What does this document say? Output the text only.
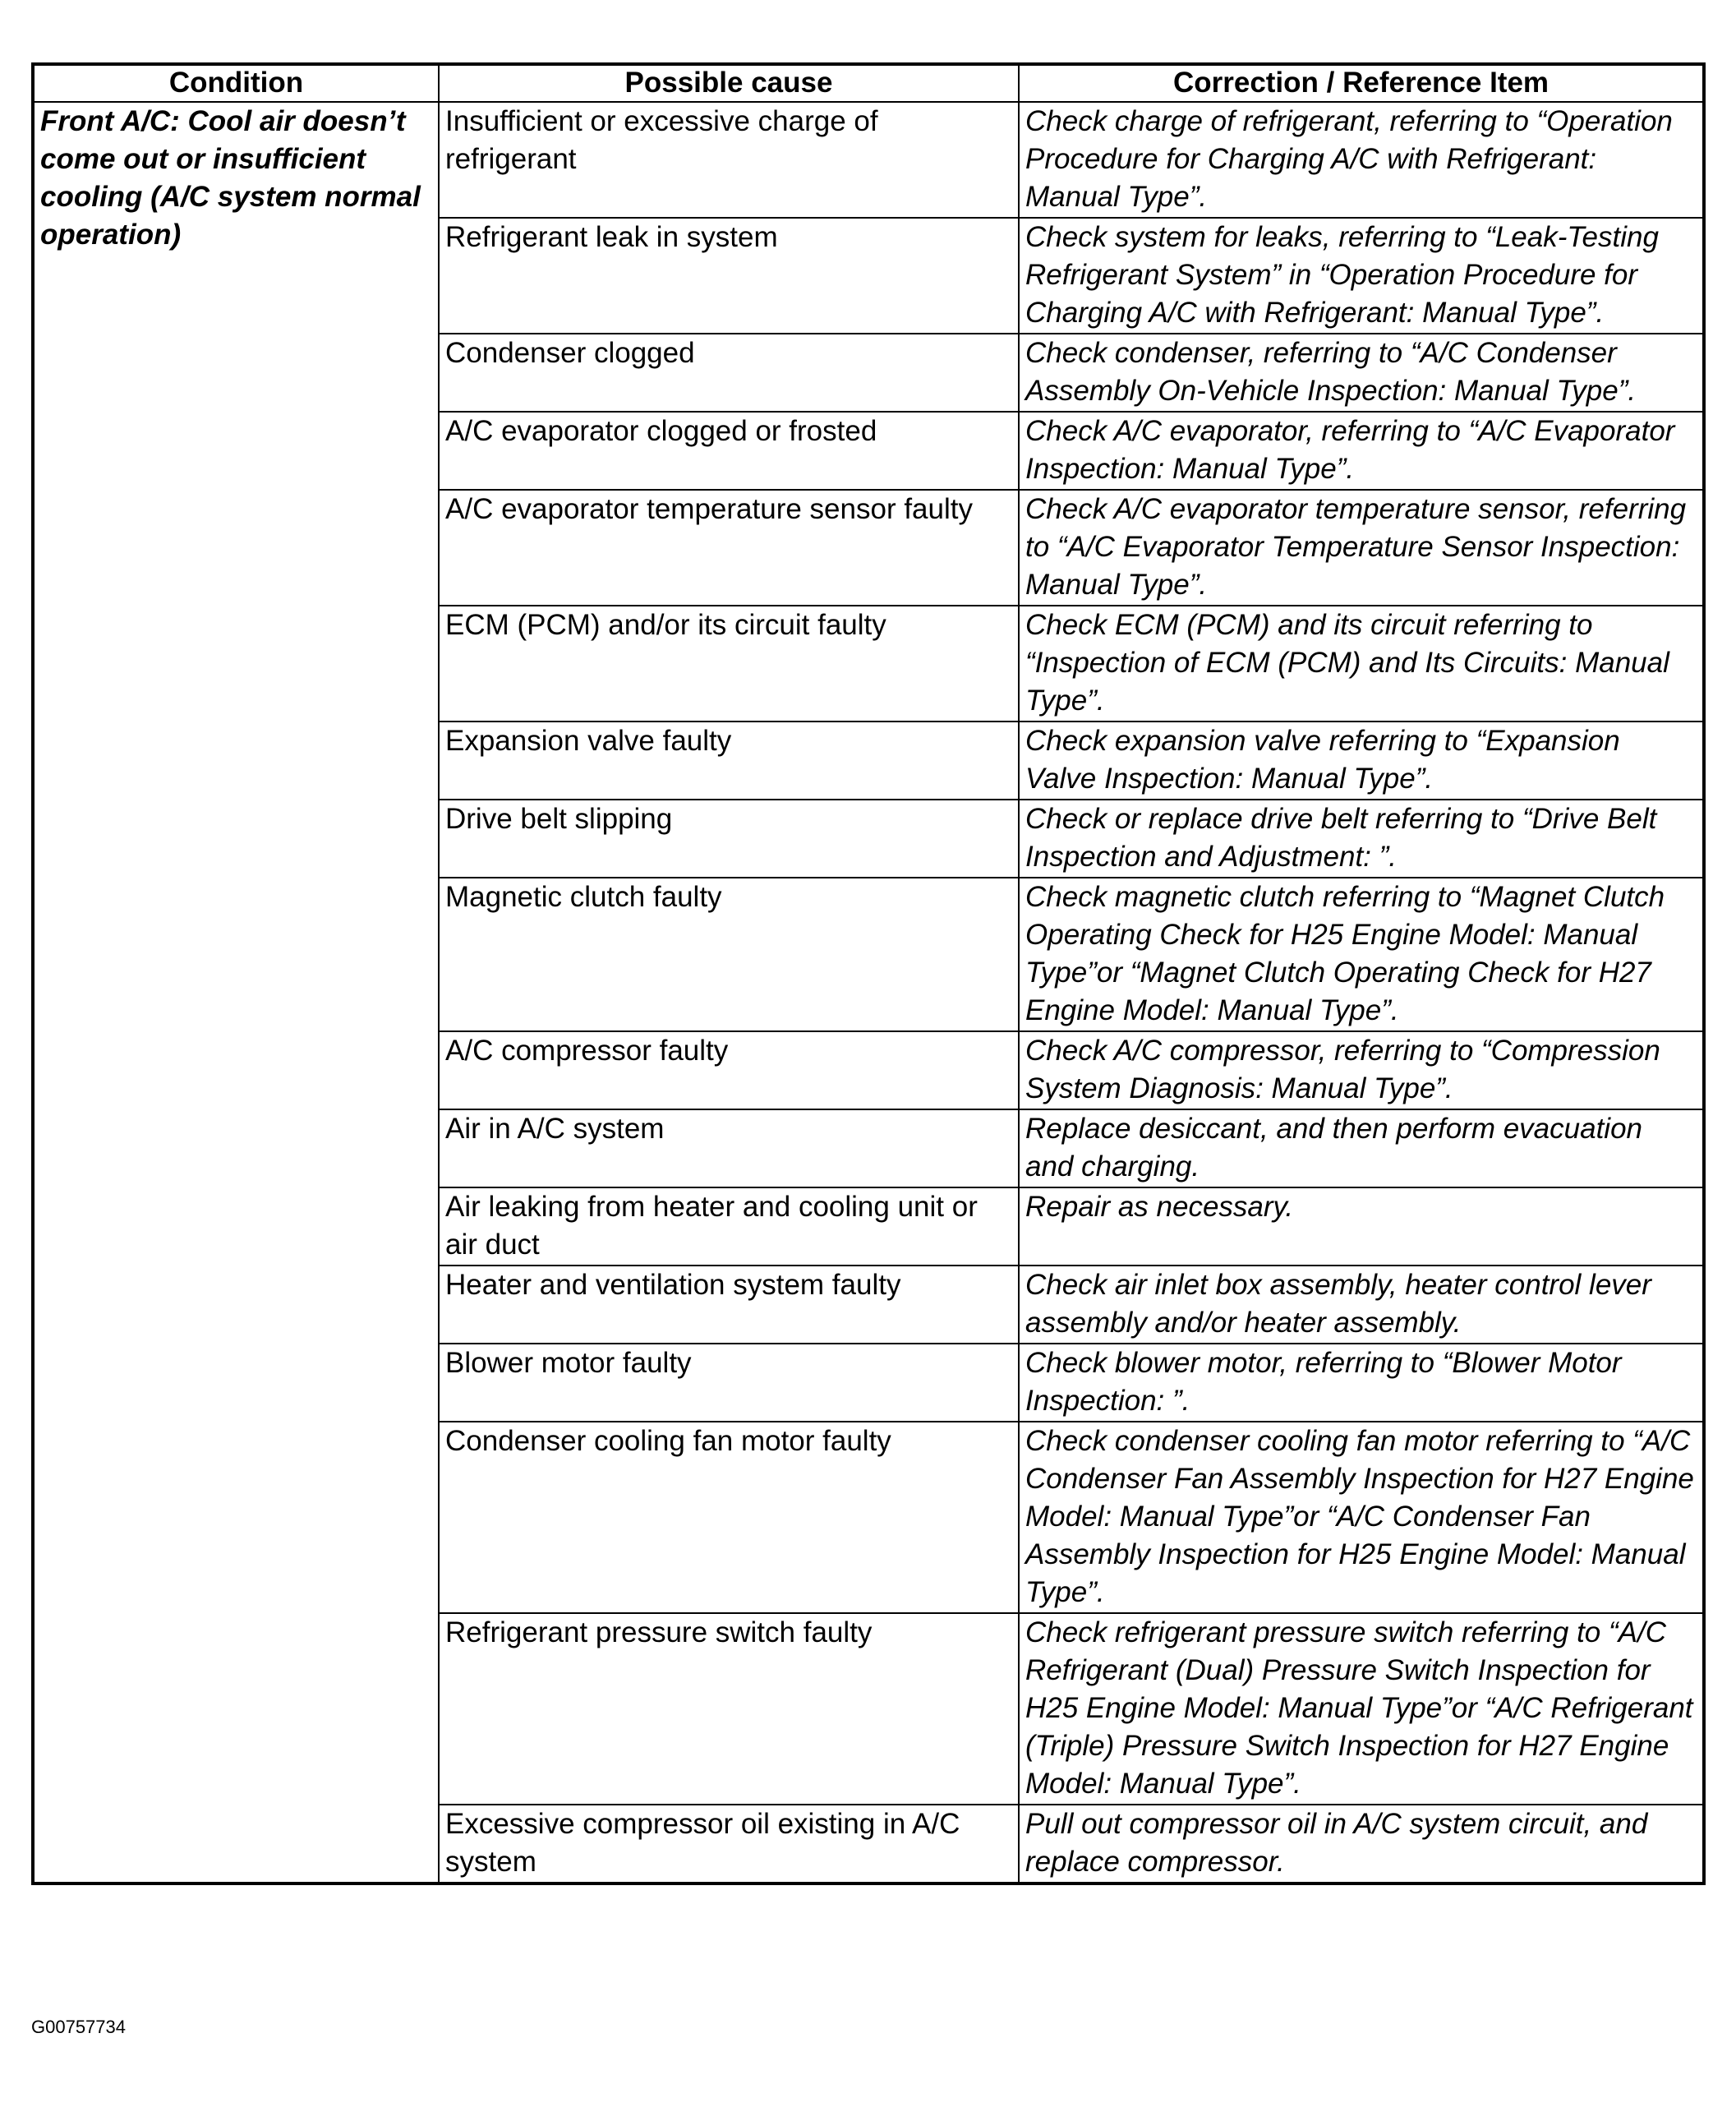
Condition	Possible cause	Correction / Reference Item
Front A/C: Cool air doesn’t come out or insufficient cooling (A/C system normal operation)	Insufficient or excessive charge of refrigerant	Check charge of refrigerant, referring to “Operation Procedure for Charging A/C with Refrigerant: Manual Type”.
	Refrigerant leak in system	Check system for leaks, referring to “Leak-Testing Refrigerant System” in “Operation Procedure for Charging A/C with Refrigerant: Manual Type”.
	Condenser clogged	Check condenser, referring to “A/C Condenser Assembly On-Vehicle Inspection: Manual Type”.
	A/C evaporator clogged or frosted	Check A/C evaporator, referring to “A/C Evaporator Inspection: Manual Type”.
	A/C evaporator temperature sensor faulty	Check A/C evaporator temperature sensor, referring to “A/C Evaporator Temperature Sensor Inspection: Manual Type”.
	ECM (PCM) and/or its circuit faulty	Check ECM (PCM) and its circuit referring to “Inspection of ECM (PCM) and Its Circuits: Manual Type”.
	Expansion valve faulty	Check expansion valve referring to “Expansion Valve Inspection: Manual Type”.
	Drive belt slipping	Check or replace drive belt referring to “Drive Belt Inspection and Adjustment: ”.
	Magnetic clutch faulty	Check magnetic clutch referring to “Magnet Clutch Operating Check for H25 Engine Model: Manual Type”or “Magnet Clutch Operating Check for H27 Engine Model: Manual Type”.
	A/C compressor faulty	Check A/C compressor, referring to “Compression System Diagnosis: Manual Type”.
	Air in A/C system	Replace desiccant, and then perform evacuation and charging.
	Air leaking from heater and cooling unit or air duct	Repair as necessary.
	Heater and ventilation system faulty	Check air inlet box assembly, heater control lever assembly and/or heater assembly.
	Blower motor faulty	Check blower motor, referring to “Blower Motor Inspection: ”.
	Condenser cooling fan motor faulty	Check condenser cooling fan motor referring to “A/C Condenser Fan Assembly Inspection for H27 Engine Model: Manual Type”or “A/C Condenser Fan Assembly Inspection for H25 Engine Model: Manual Type”.
	Refrigerant pressure switch faulty	Check refrigerant pressure switch referring to “A/C Refrigerant (Dual) Pressure Switch Inspection for H25 Engine Model: Manual Type”or “A/C Refrigerant (Triple) Pressure Switch Inspection for H27 Engine Model: Manual Type”.
	Excessive compressor oil existing in A/C system	Pull out compressor oil in A/C system circuit, and replace compressor.
G00757734
